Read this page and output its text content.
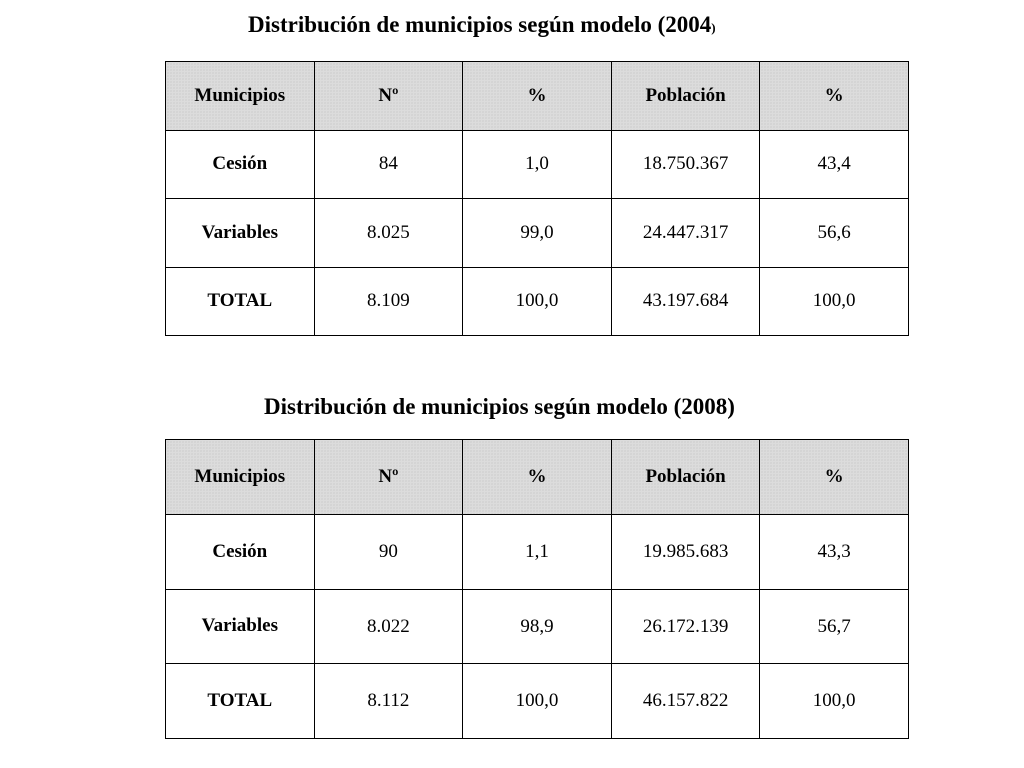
Distribución de municipios según modelo (2004)
Municipios	Nº	%	Población	%
Cesión	84	1,0	18.750.367	43,4
Variables	8.025	99,0	24.447.317	56,6
TOTAL	8.109	100,0	43.197.684	100,0
Distribución de municipios según modelo (2008)
Municipios	Nº	%	Población	%
Cesión	90	1,1	19.985.683	43,3
Variables	8.022	98,9	26.172.139	56,7
TOTAL	8.112	100,0	46.157.822	100,0
